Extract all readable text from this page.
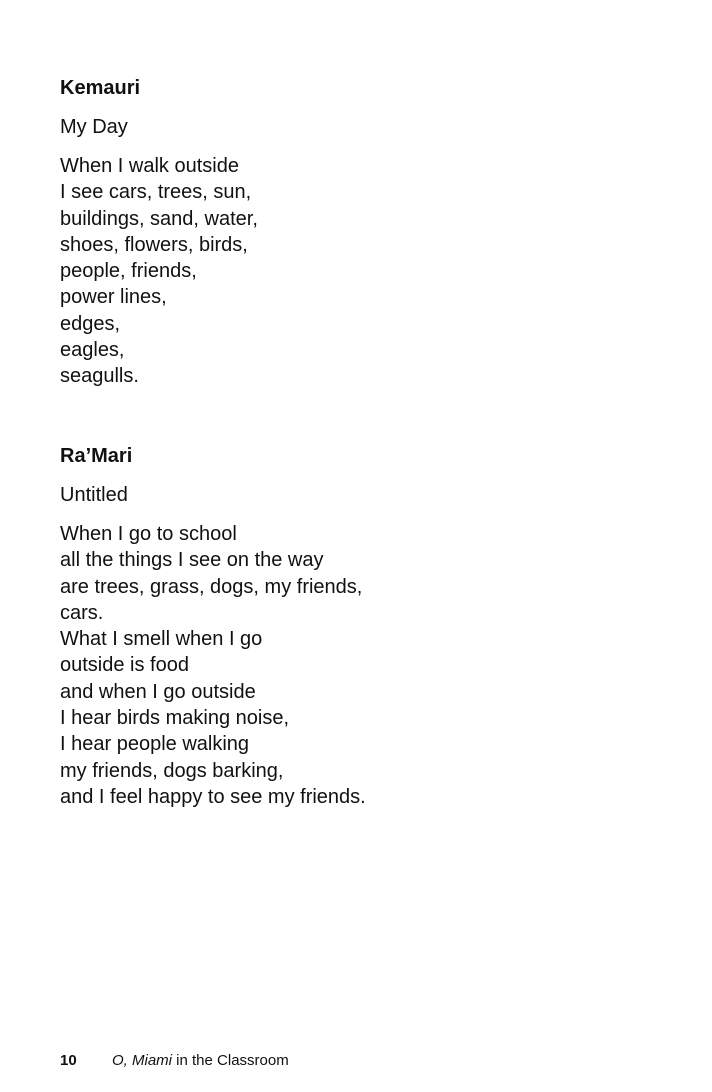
Kemauri

My Day

When I walk outside
I see cars, trees, sun,
buildings, sand, water,
shoes, flowers, birds,
people, friends,
power lines,
edges,
eagles,
seagulls.
Ra’Mari

Untitled

When I go to school
all the things I see on the way
are trees, grass, dogs, my friends,
cars.
What I smell when I go
outside is food
and when I go outside
I hear birds making noise,
I hear people walking
my friends, dogs barking,
and I feel happy to see my friends.
10 O, Miami in the Classroom
